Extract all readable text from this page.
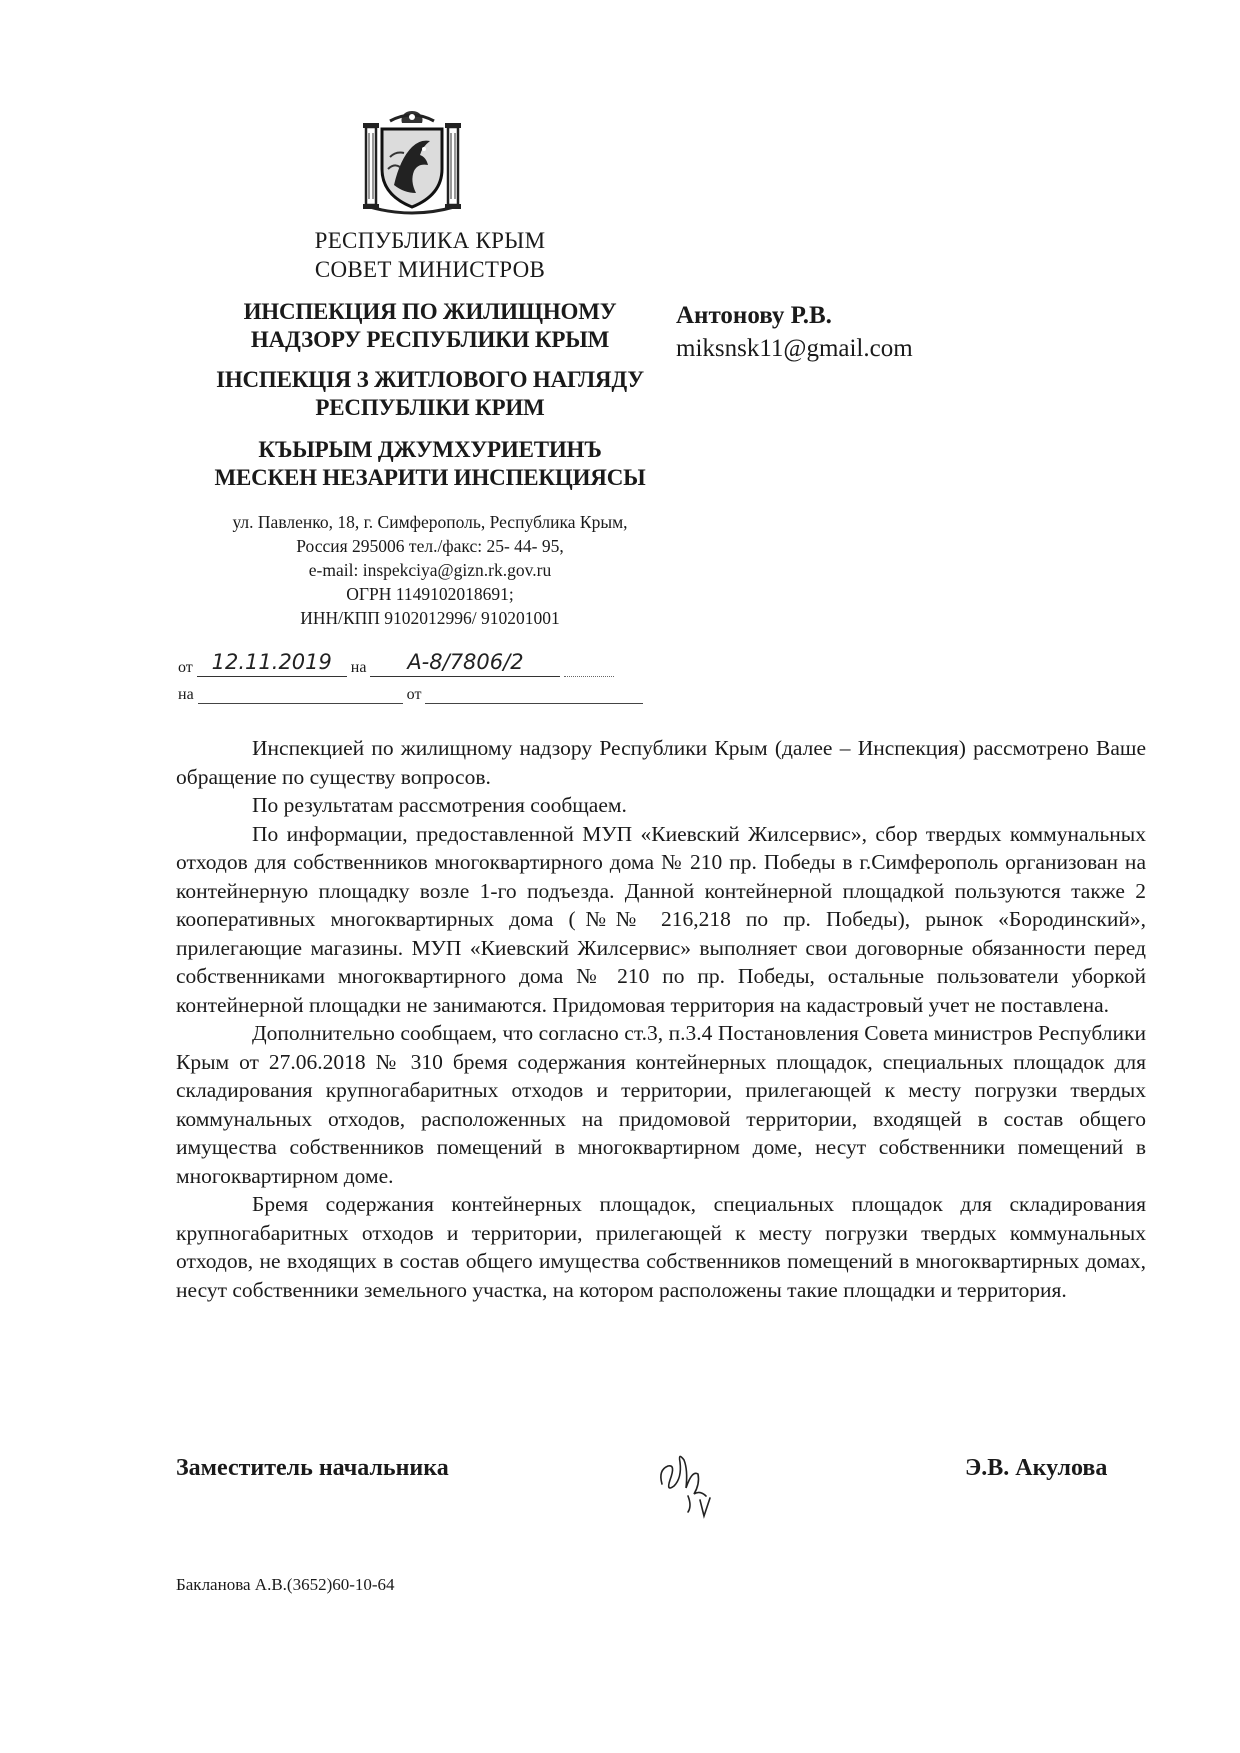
РЕСПУБЛИКА КРЫМ
СОВЕТ МИНИСТРОВ
ИНСПЕКЦИЯ ПО ЖИЛИЩНОМУ
НАДЗОРУ РЕСПУБЛИКИ КРЫМ
ІНСПЕКЦІЯ З ЖИТЛОВОГО НАГЛЯДУ
РЕСПУБЛІКИ КРИМ
КЪЫРЫМ ДЖУМХУРИЕТИНЪ
МЕСКЕН НЕЗАРИТИ ИНСПЕКЦИЯСЫ
ул. Павленко, 18, г. Симферополь, Республика Крым,
Россия 295006 тел./факс: 25- 44- 95,
e-mail: inspekciya@gizn.rk.gov.ru
ОГРН 1149102018691;
ИНН/КПП 9102012996/ 910201001
Антонову Р.В.
miksnsk11@gmail.com
от 12.11.2019 на А-8/7806/2
на	от

Инспекцией по жилищному надзору Республики Крым (далее – Инспекция) рассмотрено Ваше обращение по существу вопросов.

По результатам рассмотрения сообщаем.

По информации, предоставленной МУП «Киевский Жилсервис», сбор твердых коммунальных отходов для собственников многоквартирного дома № 210 пр. Победы в г.Симферополь организован на контейнерную площадку возле 1-го подъезда. Данной контейнерной площадкой пользуются также 2 кооперативных многоквартирных дома (№№ 216,218 по пр. Победы), рынок «Бородинский», прилегающие магазины. МУП «Киевский Жилсервис» выполняет свои договорные обязанности перед собственниками многоквартирного дома № 210 по пр. Победы, остальные пользователи уборкой контейнерной площадки не занимаются. Придомовая территория на кадастровый учет не поставлена.

Дополнительно сообщаем, что согласно ст.3, п.3.4 Постановления Совета министров Республики Крым от 27.06.2018 № 310 бремя содержания контейнерных площадок, специальных площадок для складирования крупногабаритных отходов и территории, прилегающей к месту погрузки твердых коммунальных отходов, расположенных на придомовой территории, входящей в состав общего имущества собственников помещений в многоквартирном доме, несут собственники помещений в многоквартирном доме.

Бремя содержания контейнерных площадок, специальных площадок для складирования крупногабаритных отходов и территории, прилегающей к месту погрузки твердых коммунальных отходов, не входящих в состав общего имущества собственников помещений в многоквартирных домах, несут собственники земельного участка, на котором расположены такие площадки и территория.

Заместитель начальника	Э.В. Акулова
Бакланова А.В.(3652)60-10-64
